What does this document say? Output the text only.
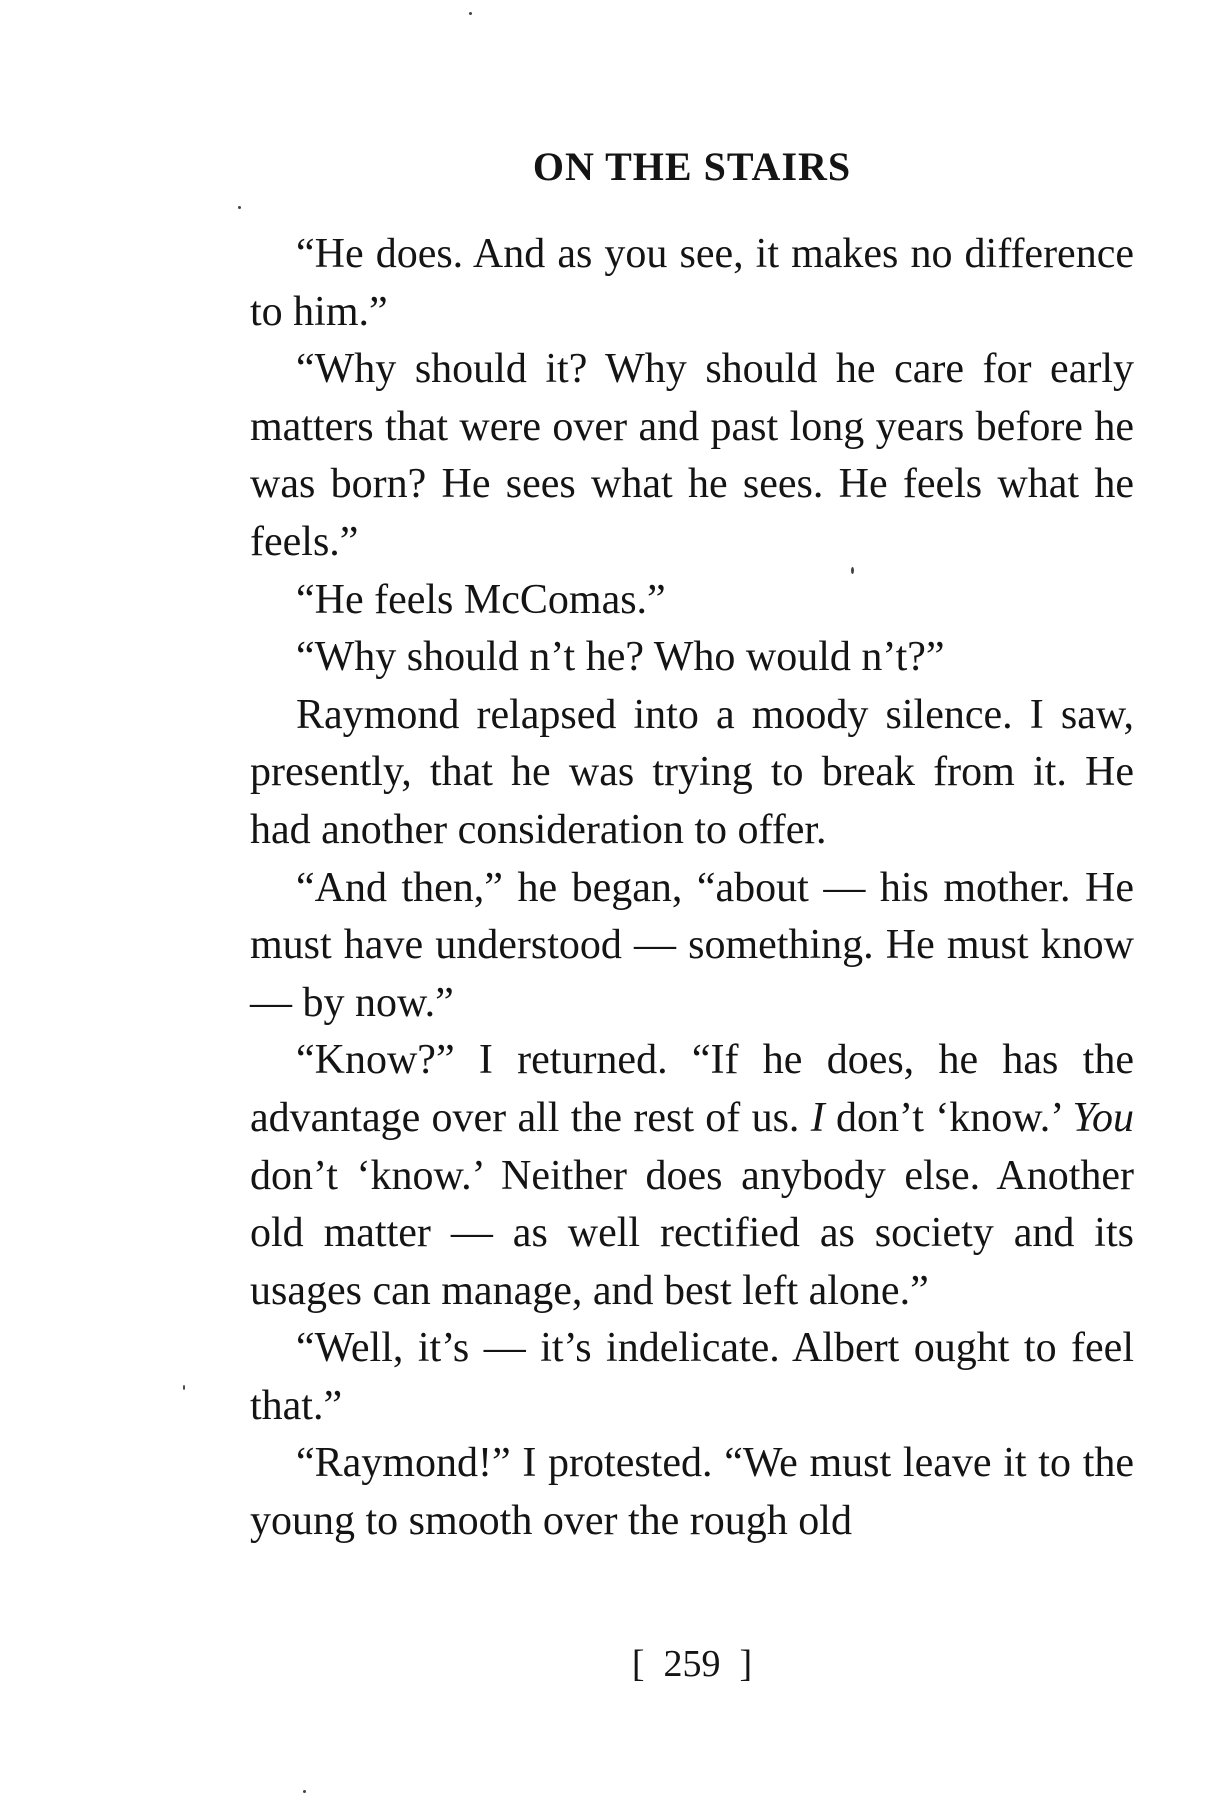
ON THE STAIRS

“He does. And as you see, it makes no difference to him.”

“Why should it? Why should he care for early matters that were over and past long years before he was born? He sees what he sees. He feels what he feels.”

“He feels McComas.”

“Why should n’t he? Who would n’t?”

Raymond relapsed into a moody silence. I saw, presently, that he was trying to break from it. He had another consideration to offer.

“And then,” he began, “about — his mother. He must have understood — something. He must know — by now.”

“Know?” I returned. “If he does, he has the advantage over all the rest of us. I don’t ‘know.’ You don’t ‘know.’ Neither does anybody else. Another old matter — as well rectified as society and its usages can manage, and best left alone.”

“Well, it’s — it’s indelicate. Albert ought to feel that.”

“Raymond!” I protested. “We must leave it to the young to smooth over the rough old

[  259  ]
